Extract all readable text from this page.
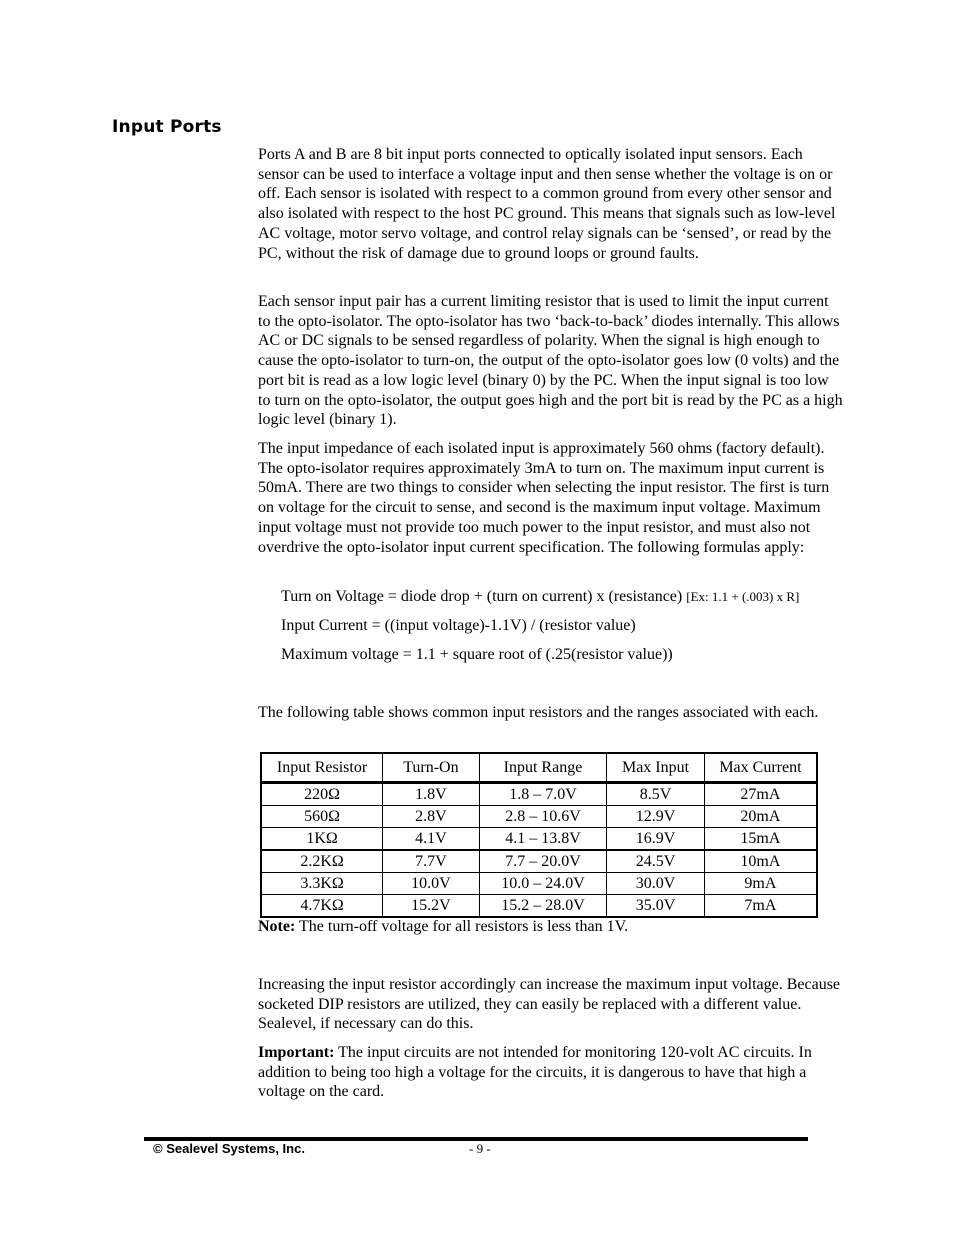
Input Ports

Ports A and B are 8 bit input ports connected to optically isolated input sensors. Each sensor can be used to interface a voltage input and then sense whether the voltage is on or off. Each sensor is isolated with respect to a common ground from every other sensor and also isolated with respect to the host PC ground. This means that signals such as low-level AC voltage, motor servo voltage, and control relay signals can be ‘sensed’, or read by the PC, without the risk of damage due to ground loops or ground faults.

Each sensor input pair has a current limiting resistor that is used to limit the input current to the opto-isolator. The opto-isolator has two ‘back-to-back’ diodes internally. This allows AC or DC signals to be sensed regardless of polarity. When the signal is high enough to cause the opto-isolator to turn-on, the output of the opto-isolator goes low (0 volts) and the port bit is read as a low logic level (binary 0) by the PC. When the input signal is too low to turn on the opto-isolator, the output goes high and the port bit is read by the PC as a high logic level (binary 1).

The input impedance of each isolated input is approximately 560 ohms (factory default). The opto-isolator requires approximately 3mA to turn on. The maximum input current is 50mA. There are two things to consider when selecting the input resistor. The first is turn on voltage for the circuit to sense, and second is the maximum input voltage. Maximum input voltage must not provide too much power to the input resistor, and must also not overdrive the opto-isolator input current specification. The following formulas apply:

Turn on Voltage = diode drop + (turn on current) x (resistance) [Ex: 1.1 + (.003) x R]
Input Current = ((input voltage)-1.1V) / (resistor value)
Maximum voltage = 1.1 + square root of (.25(resistor value))

The following table shows common input resistors and the ranges associated with each.

Input Resistor	Turn-On	Input Range	Max Input	Max Current
220Ω	1.8V	1.8 – 7.0V	8.5V	27mA
560Ω	2.8V	2.8 – 10.6V	12.9V	20mA
1KΩ	4.1V	4.1 – 13.8V	16.9V	15mA
2.2KΩ	7.7V	7.7 – 20.0V	24.5V	10mA
3.3KΩ	10.0V	10.0 – 24.0V	30.0V	9mA
4.7KΩ	15.2V	15.2 – 28.0V	35.0V	7mA
Note: The turn-off voltage for all resistors is less than 1V.

Increasing the input resistor accordingly can increase the maximum input voltage. Because socketed DIP resistors are utilized, they can easily be replaced with a different value. Sealevel, if necessary can do this.

Important: The input circuits are not intended for monitoring 120-volt AC circuits. In addition to being too high a voltage for the circuits, it is dangerous to have that high a voltage on the card.

© Sealevel Systems, Inc.	- 9 -
